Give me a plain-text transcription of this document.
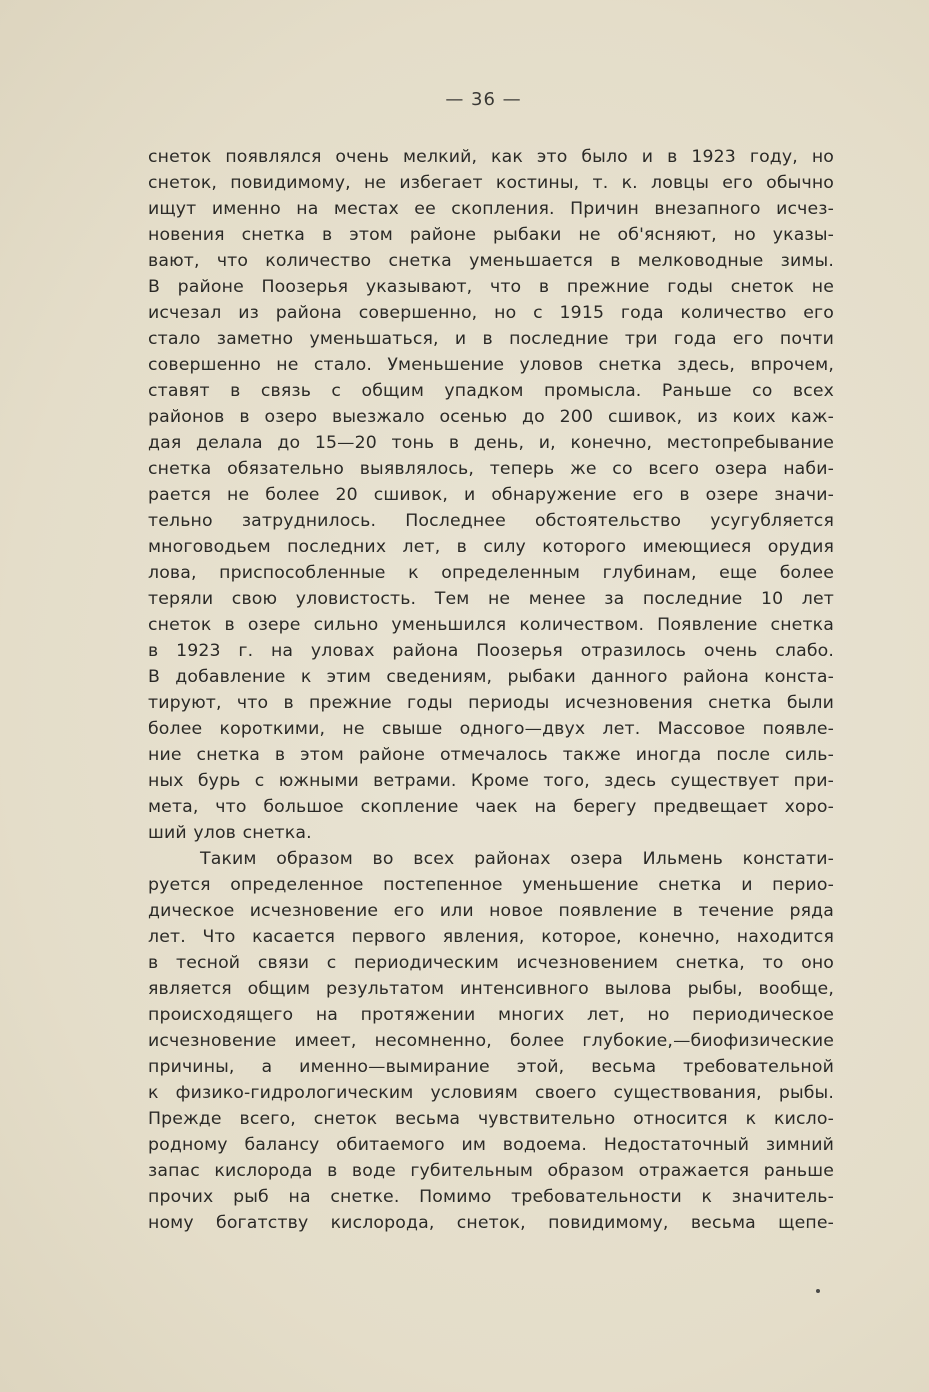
— 36 —
снеток появлялся очень мелкий, как это было и в 1923 году, но
снеток, повидимому, не избегает костины, т. к. ловцы его обычно
ищут именно на местах ее скопления. Причин внезапного исчез-
новения снетка в этом районе рыбаки не об'ясняют, но указы-
вают, что количество снетка уменьшается в мелководные зимы.
В районе Поозерья указывают, что в прежние годы снеток не
исчезал из района совершенно, но с 1915 года количество его
стало заметно уменьшаться, и в последние три года его почти
совершенно не стало. Уменьшение уловов снетка здесь, впрочем,
ставят в связь с общим упадком промысла. Раньше со всех
районов в озеро выезжало осенью до 200 сшивок, из коих каж-
дая делала до 15—20 тонь в день, и, конечно, местопребывание
снетка обязательно выявлялось, теперь же со всего озера наби-
рается не более 20 сшивок, и обнаружение его в озере значи-
тельно затруднилось. Последнее обстоятельство усугубляется
многоводьем последних лет, в силу которого имеющиеся орудия
лова, приспособленные к определенным глубинам, еще более
теряли свою уловистость. Тем не менее за последние 10 лет
снеток в озере сильно уменьшился количеством. Появление снетка
в 1923 г. на уловах района Поозерья отразилось очень слабо.
В добавление к этим сведениям, рыбаки данного района конста-
тируют, что в прежние годы периоды исчезновения снетка были
более короткими, не свыше одного—двух лет. Массовое появле-
ние снетка в этом районе отмечалось также иногда после силь-
ных бурь с южными ветрами. Кроме того, здесь существует при-
мета, что большое скопление чаек на берегу предвещает хоро-
ший улов снетка.
Таким образом во всех районах озера Ильмень констати-
руется определенное постепенное уменьшение снетка и перио-
дическое исчезновение его или новое появление в течение ряда
лет. Что касается первого явления, которое, конечно, находится
в тесной связи с периодическим исчезновением снетка, то оно
является общим результатом интенсивного вылова рыбы, вообще,
происходящего на протяжении многих лет, но периодическое
исчезновение имеет, несомненно, более глубокие,—биофизические
причины, а именно—вымирание этой, весьма требовательной
к физико-гидрологическим условиям своего существования, рыбы.
Прежде всего, снеток весьма чувствительно относится к кисло-
родному балансу обитаемого им водоема. Недостаточный зимний
запас кислорода в воде губительным образом отражается раньше
прочих рыб на снетке. Помимо требовательности к значитель-
ному богатству кислорода, снеток, повидимому, весьма щепе-
